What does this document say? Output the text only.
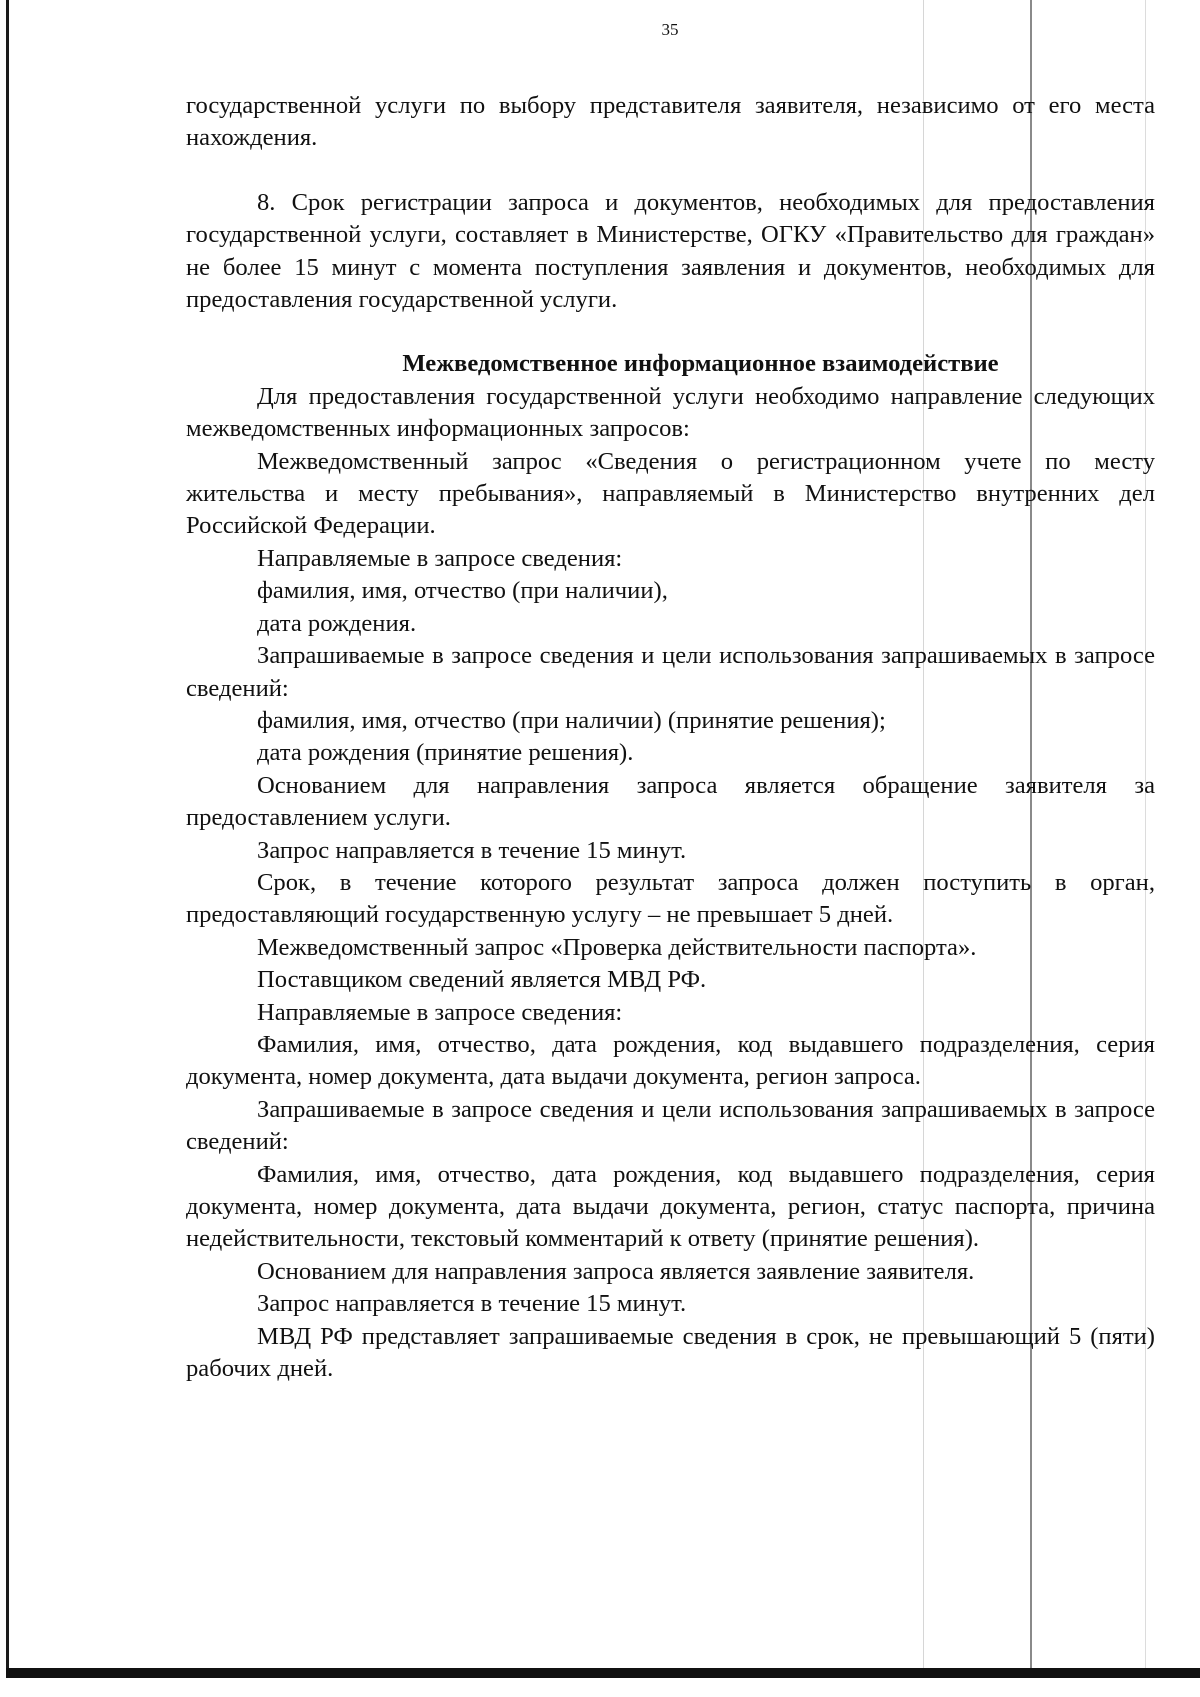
35

государственной услуги по выбору представителя заявителя, независимо от его места нахождения.

8. Срок регистрации запроса и документов, необходимых для предоставления государственной услуги, составляет в Министерстве, ОГКУ «Правительство для граждан» не более 15 минут с момента поступления заявления и документов, необходимых для предоставления государственной услуги.

Межведомственное информационное взаимодействие

Для предоставления государственной услуги необходимо направление следующих межведомственных информационных запросов:

Межведомственный запрос «Сведения о регистрационном учете по месту жительства и месту пребывания», направляемый в Министерство внутренних дел Российской Федерации.

Направляемые в запросе сведения:

фамилия, имя, отчество (при наличии),

дата рождения.

Запрашиваемые в запросе сведения и цели использования запрашиваемых в запросе сведений:

фамилия, имя, отчество (при наличии) (принятие решения);

дата рождения (принятие решения).

Основанием для направления запроса является обращение заявителя за предоставлением услуги.

Запрос направляется в течение 15 минут.

Срок, в течение которого результат запроса должен поступить в орган, предоставляющий государственную услугу – не превышает 5 дней.

Межведомственный запрос «Проверка действительности паспорта».

Поставщиком сведений является МВД РФ.

Направляемые в запросе сведения:

Фамилия, имя, отчество, дата рождения, код выдавшего подразделения, серия документа, номер документа, дата выдачи документа, регион запроса.

Запрашиваемые в запросе сведения и цели использования запрашиваемых в запросе сведений:

Фамилия, имя, отчество, дата рождения, код выдавшего подразделения, серия документа, номер документа, дата выдачи документа, регион, статус паспорта, причина недействительности, текстовый комментарий к ответу (принятие решения).

Основанием для направления запроса является заявление заявителя.

Запрос направляется в течение 15 минут.

МВД РФ представляет запрашиваемые сведения в срок, не превышающий 5 (пяти) рабочих дней.
